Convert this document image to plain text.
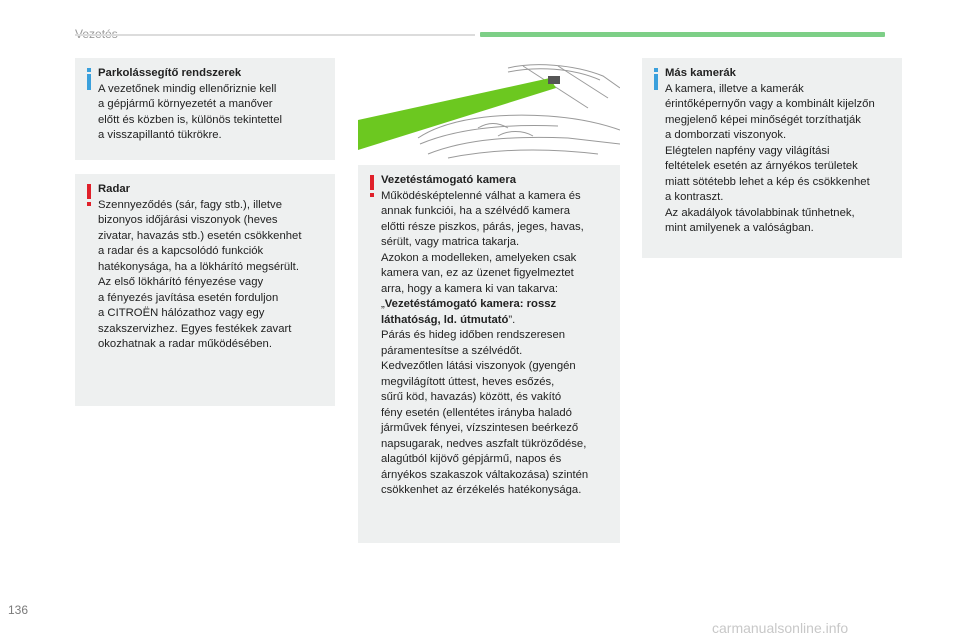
Parkolássegítő rendszerek
A vezetőnek mindig ellenőriznie kell
a gépjármű környezetét a manőver
előtt és közben is, különös tekintettel
a visszapillantó tükrökre.
Radar
Szennyeződés (sár, fagy stb.), illetve
bizonyos időjárási viszonyok (heves
zivatar, havazás stb.) esetén csökkenhet
a radar és a kapcsolódó funkciók
hatékonysága, ha a lökhárító megsérült.
Az első lökhárító fényezése vagy
a fényezés javítása esetén forduljon
a CITROËN hálózathoz vagy egy
szakszervizhez. Egyes festékek zavart
okozhatnak a radar működésében.
Vezetéstámogató kamera
Működésképtelenné válhat a kamera és
annak funkciói, ha a szélvédő kamera
előtti része piszkos, párás, jeges, havas,
sérült, vagy matrica takarja.
Azokon a modelleken, amelyeken csak
kamera van, ez az üzenet figyelmeztet
arra, hogy a kamera ki van takarva:
„Vezetéstámogató kamera: rossz
láthatóság, ld. útmutató”.
Párás és hideg időben rendszeresen
páramentesítse a szélvédőt.
Kedvezőtlen látási viszonyok (gyengén
megvilágított úttest, heves esőzés,
sűrű köd, havazás) között, és vakító
fény esetén (ellentétes irányba haladó
járművek fényei, vízszintesen beérkező
napsugarak, nedves aszfalt tükröződése,
alagútból kijövő gépjármű, napos és
árnyékos szakaszok váltakozása) szintén
csökkenhet az érzékelés hatékonysága.
Más kamerák
A kamera, illetve a kamerák
érintőképernyőn vagy a kombinált kijelzőn
megjelenő képei minőségét torzíthatják
a domborzati viszonyok.
Elégtelen napfény vagy világítási
feltételek esetén az árnyékos területek
miatt sötétebb lehet a kép és csökkenhet
a kontraszt.
Az akadályok távolabbinak tűnhetnek,
mint amilyenek a valóságban.
136
carmanualsonline.info
